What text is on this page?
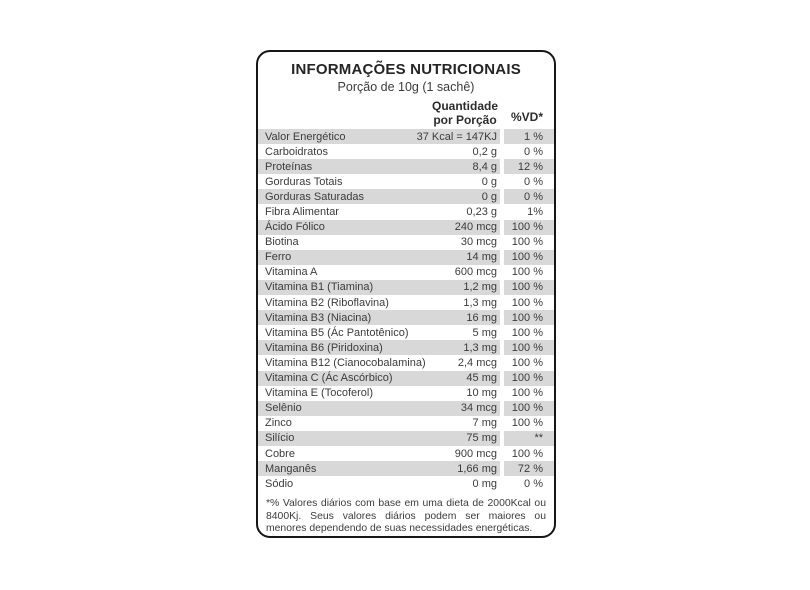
INFORMAÇÕES NUTRICIONAIS
Porção de 10g (1 sachê)
Quantidade
por Porção	%VD*
Valor Energético	37 Kcal = 147KJ 1 %
Carboidratos	0,2 g 0 %
Proteínas	8,4 g 12 %
Gorduras Totais	0 g 0 %
Gorduras Saturadas	0 g 0 %
Fibra Alimentar	0,23 g	1%
Ácido Fólico	240 mcg 100 %
Biotina	30 mcg 100 %
Ferro	14 mg 100 %
Vitamina A	600 mcg 100 %
Vitamina B1 (Tiamina)	1,2 mg 100 %
Vitamina B2 (Riboflavina)	1,3 mg 100 %
Vitamina B3 (Niacina)	16 mg 100 %
Vitamina B5 (Ác Pantotênico)	5 mg 100 %
Vitamina B6 (Piridoxina)	1,3 mg 100 %
Vitamina B12 (Cianocobalamina)	2,4 mcg 100 %
Vitamina C (Ác Ascórbico)	45 mg 100 %
Vitamina E (Tocoferol)	10 mg 100 %
Selênio	34 mcg 100 %
Zinco	7 mg 100 %
Silício	75 mg	**
Cobre	900 mcg 100 %
Manganês	1,66 mg 72 %
Sódio	0 mg 0 %
*% Valores diários com base em uma dieta de 2000Kcal ou 8400Kj. Seus valores diários podem ser maiores ou menores dependendo de suas necessidades energéticas.
